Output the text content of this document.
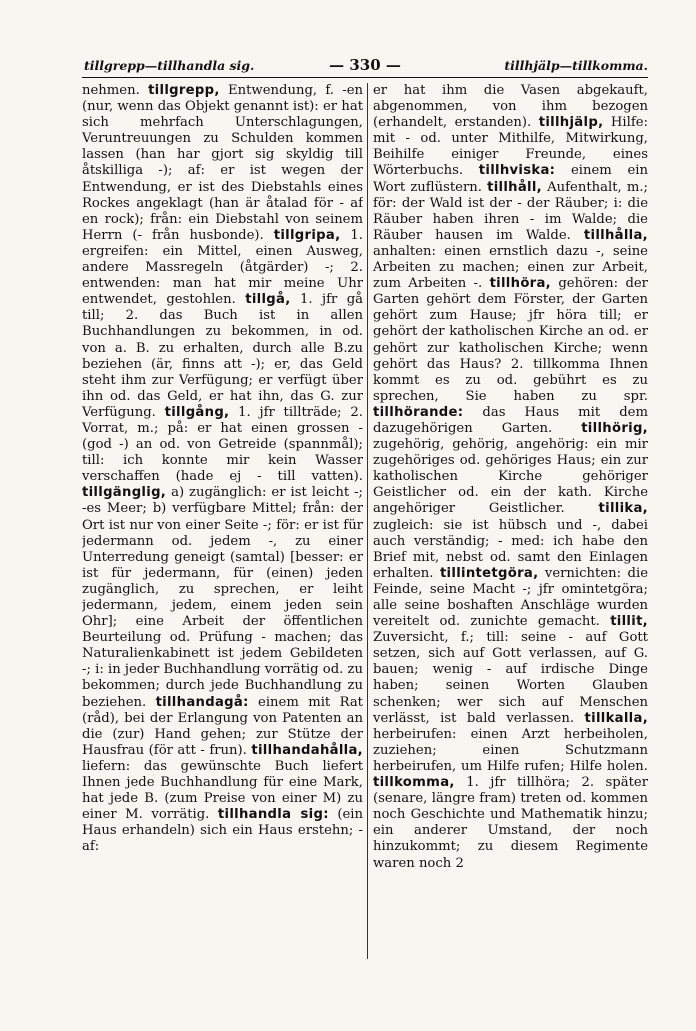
tillgrepp—tillhandla sig.	— 330 —	tillhjälp—tillkomma.
nehmen. tillgrepp, Entwendung, f. -en (nur, wenn das Objekt genannt ist): er hat sich mehrfach Unterschlagungen, Veruntreuungen zu Schulden kommen lassen (han har gjort sig skyldig till åtskilliga -); af: er ist wegen der Entwendung, er ist des Diebstahls eines Rockes angeklagt (han är åtalad för - af en rock); från: ein Diebstahl von seinem Herrn (- från husbonde). tillgripa, 1. ergreifen: ein Mittel, einen Ausweg, andere Massregeln (åtgärder) -; 2. entwenden: man hat mir meine Uhr entwendet, gestohlen. tillgå, 1. jfr gå till; 2. das Buch ist in allen Buchhandlungen zu bekommen, in od. von a. B. zu erhalten, durch alle B.zu beziehen (är, finns att -); er, das Geld steht ihm zur Verfügung; er verfügt über ihn od. das Geld, er hat ihn, das G. zur Verfügung. tillgång, 1. jfr tillträde; 2. Vorrat, m.; på: er hat einen grossen - (god -) an od. von Getreide (spannmål); till: ich konnte mir kein Wasser verschaffen (hade ej - till vatten). tillgänglig, a) zugänglich: er ist leicht -; -es Meer; b) verfügbare Mittel; från: der Ort ist nur von einer Seite -; för: er ist für jedermann od. jedem -, zu einer Unterredung geneigt (samtal) [besser: er ist für jedermann, für (einen) jeden zugänglich, zu sprechen, er leiht jedermann, jedem, einem jeden sein Ohr]; eine Arbeit der öffentlichen Beurteilung od. Prüfung - machen; das Naturalienkabinett ist jedem Gebildeten -; i: in jeder Buchhandlung vorrätig od. zu bekommen; durch jede Buchhandlung zu beziehen. tillhandagå: einem mit Rat (råd), bei der Erlangung von Patenten an die (zur) Hand gehen; zur Stütze der Hausfrau (för att - frun). tillhandahålla, liefern: das gewünschte Buch liefert Ihnen jede Buchhandlung für eine Mark, hat jede B. (zum Preise von einer M) zu einer M. vorrätig. tillhandla sig: (ein Haus erhandeln) sich ein Haus erstehn; - af:
er hat ihm die Vasen abgekauft, abgenommen, von ihm bezogen (erhandelt, erstanden). tillhjälp, Hilfe: mit - od. unter Mithilfe, Mitwirkung, Beihilfe einiger Freunde, eines Wörterbuchs. tillhviska: einem ein Wort zuflüstern. tillhåll, Aufenthalt, m.; för: der Wald ist der - der Räuber; i: die Räuber haben ihren - im Walde; die Räuber hausen im Walde. tillhålla, anhalten: einen ernstlich dazu -, seine Arbeiten zu machen; einen zur Arbeit, zum Arbeiten -. tillhöra, gehören: der Garten gehört dem Förster, der Garten gehört zum Hause; jfr höra till; er gehört der katholischen Kirche an od. er gehört zur katholischen Kirche; wenn gehört das Haus? 2. tillkomma Ihnen kommt es zu od. gebührt es zu sprechen, Sie haben zu spr. tillhörande: das Haus mit dem dazugehörigen Garten. tillhörig, zugehörig, gehörig, angehörig: ein mir zugehöriges od. gehöriges Haus; ein zur katholischen Kirche gehöriger Geistlicher od. ein der kath. Kirche angehöriger Geistlicher. tillika, zugleich: sie ist hübsch und -, dabei auch verständig; - med: ich habe den Brief mit, nebst od. samt den Einlagen erhalten. tillintetgöra, vernichten: die Feinde, seine Macht -; jfr omintetgöra; alle seine boshaften Anschläge wurden vereitelt od. zunichte gemacht. tillit, Zuversicht, f.; till: seine - auf Gott setzen, sich auf Gott verlassen, auf G. bauen; wenig - auf irdische Dinge haben; seinen Worten Glauben schenken; wer sich auf Menschen verlässt, ist bald verlassen. tillkalla, herbeirufen: einen Arzt herbeiholen, zuziehen; einen Schutzmann herbeirufen, um Hilfe rufen; Hilfe holen. tillkomma, 1. jfr tillhöra; 2. später (senare, längre fram) treten od. kommen noch Geschichte und Mathematik hinzu; ein anderer Umstand, der noch hinzukommt; zu diesem Regimente waren noch 2
